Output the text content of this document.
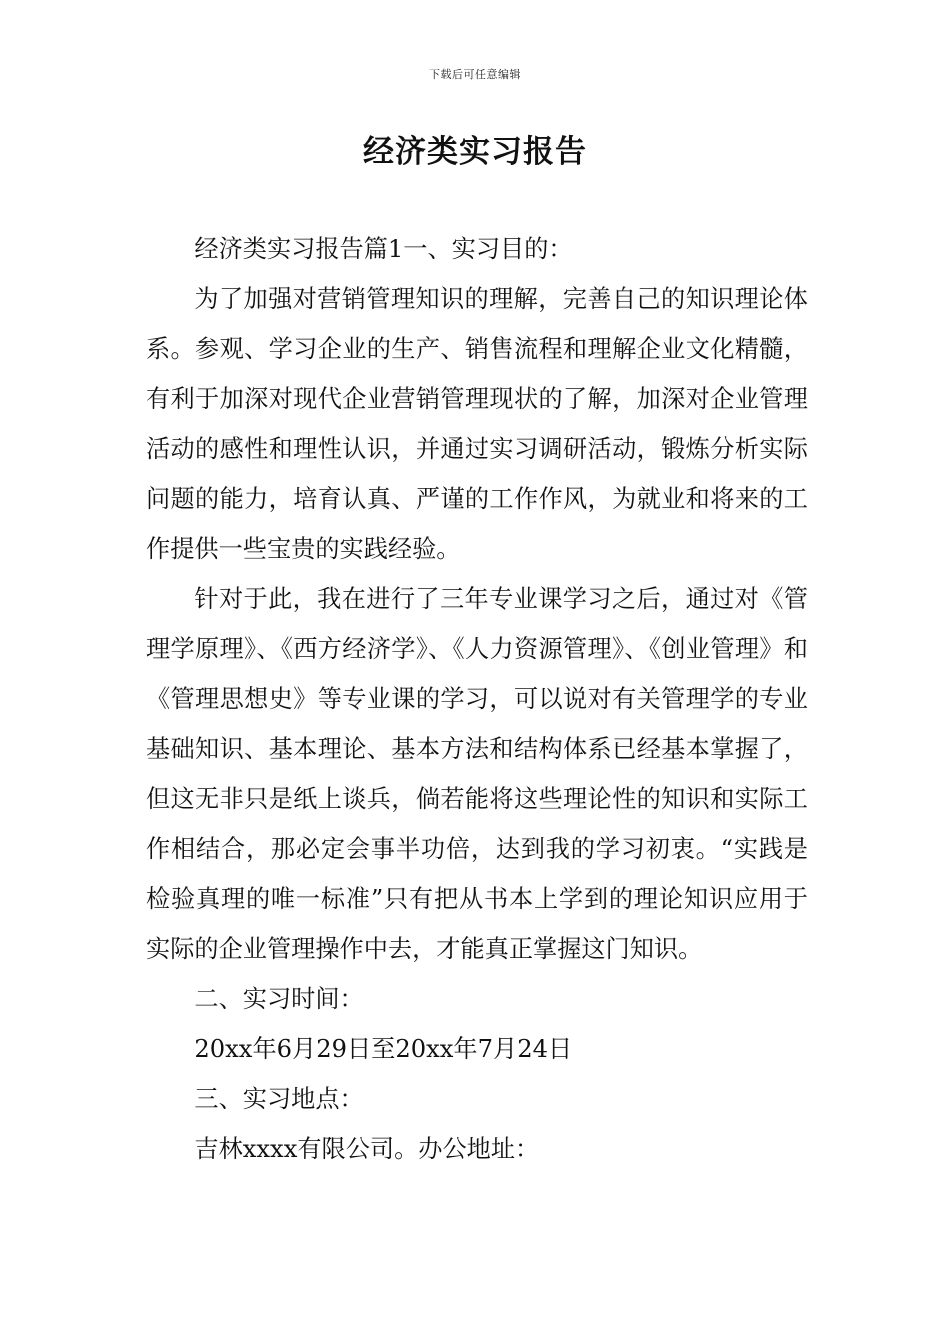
下载后可任意编辑
经济类实习报告

经济类实习报告篇1一、实习目的：

为了加强对营销管理知识的理解，完善自己的知识理论体系。参观、学习企业的生产、销售流程和理解企业文化精髓，有利于加深对现代企业营销管理现状的了解，加深对企业管理活动的感性和理性认识，并通过实习调研活动，锻炼分析实际问题的能力，培育认真、严谨的工作作风，为就业和将来的工作提供一些宝贵的实践经验。

针对于此，我在进行了三年专业课学习之后，通过对《管理学原理》、《西方经济学》、《人力资源管理》、《创业管理》和《管理思想史》等专业课的学习，可以说对有关管理学的专业基础知识、基本理论、基本方法和结构体系已经基本掌握了，但这无非只是纸上谈兵，倘若能将这些理论性的知识和实际工作相结合，那必定会事半功倍，达到我的学习初衷。“实践是检验真理的唯一标准”只有把从书本上学到的理论知识应用于实际的企业管理操作中去，才能真正掌握这门知识。

二、实习时间：

20xx年6月29日至20xx年7月24日

三、实习地点：

吉林xxxx有限公司。办公地址：
